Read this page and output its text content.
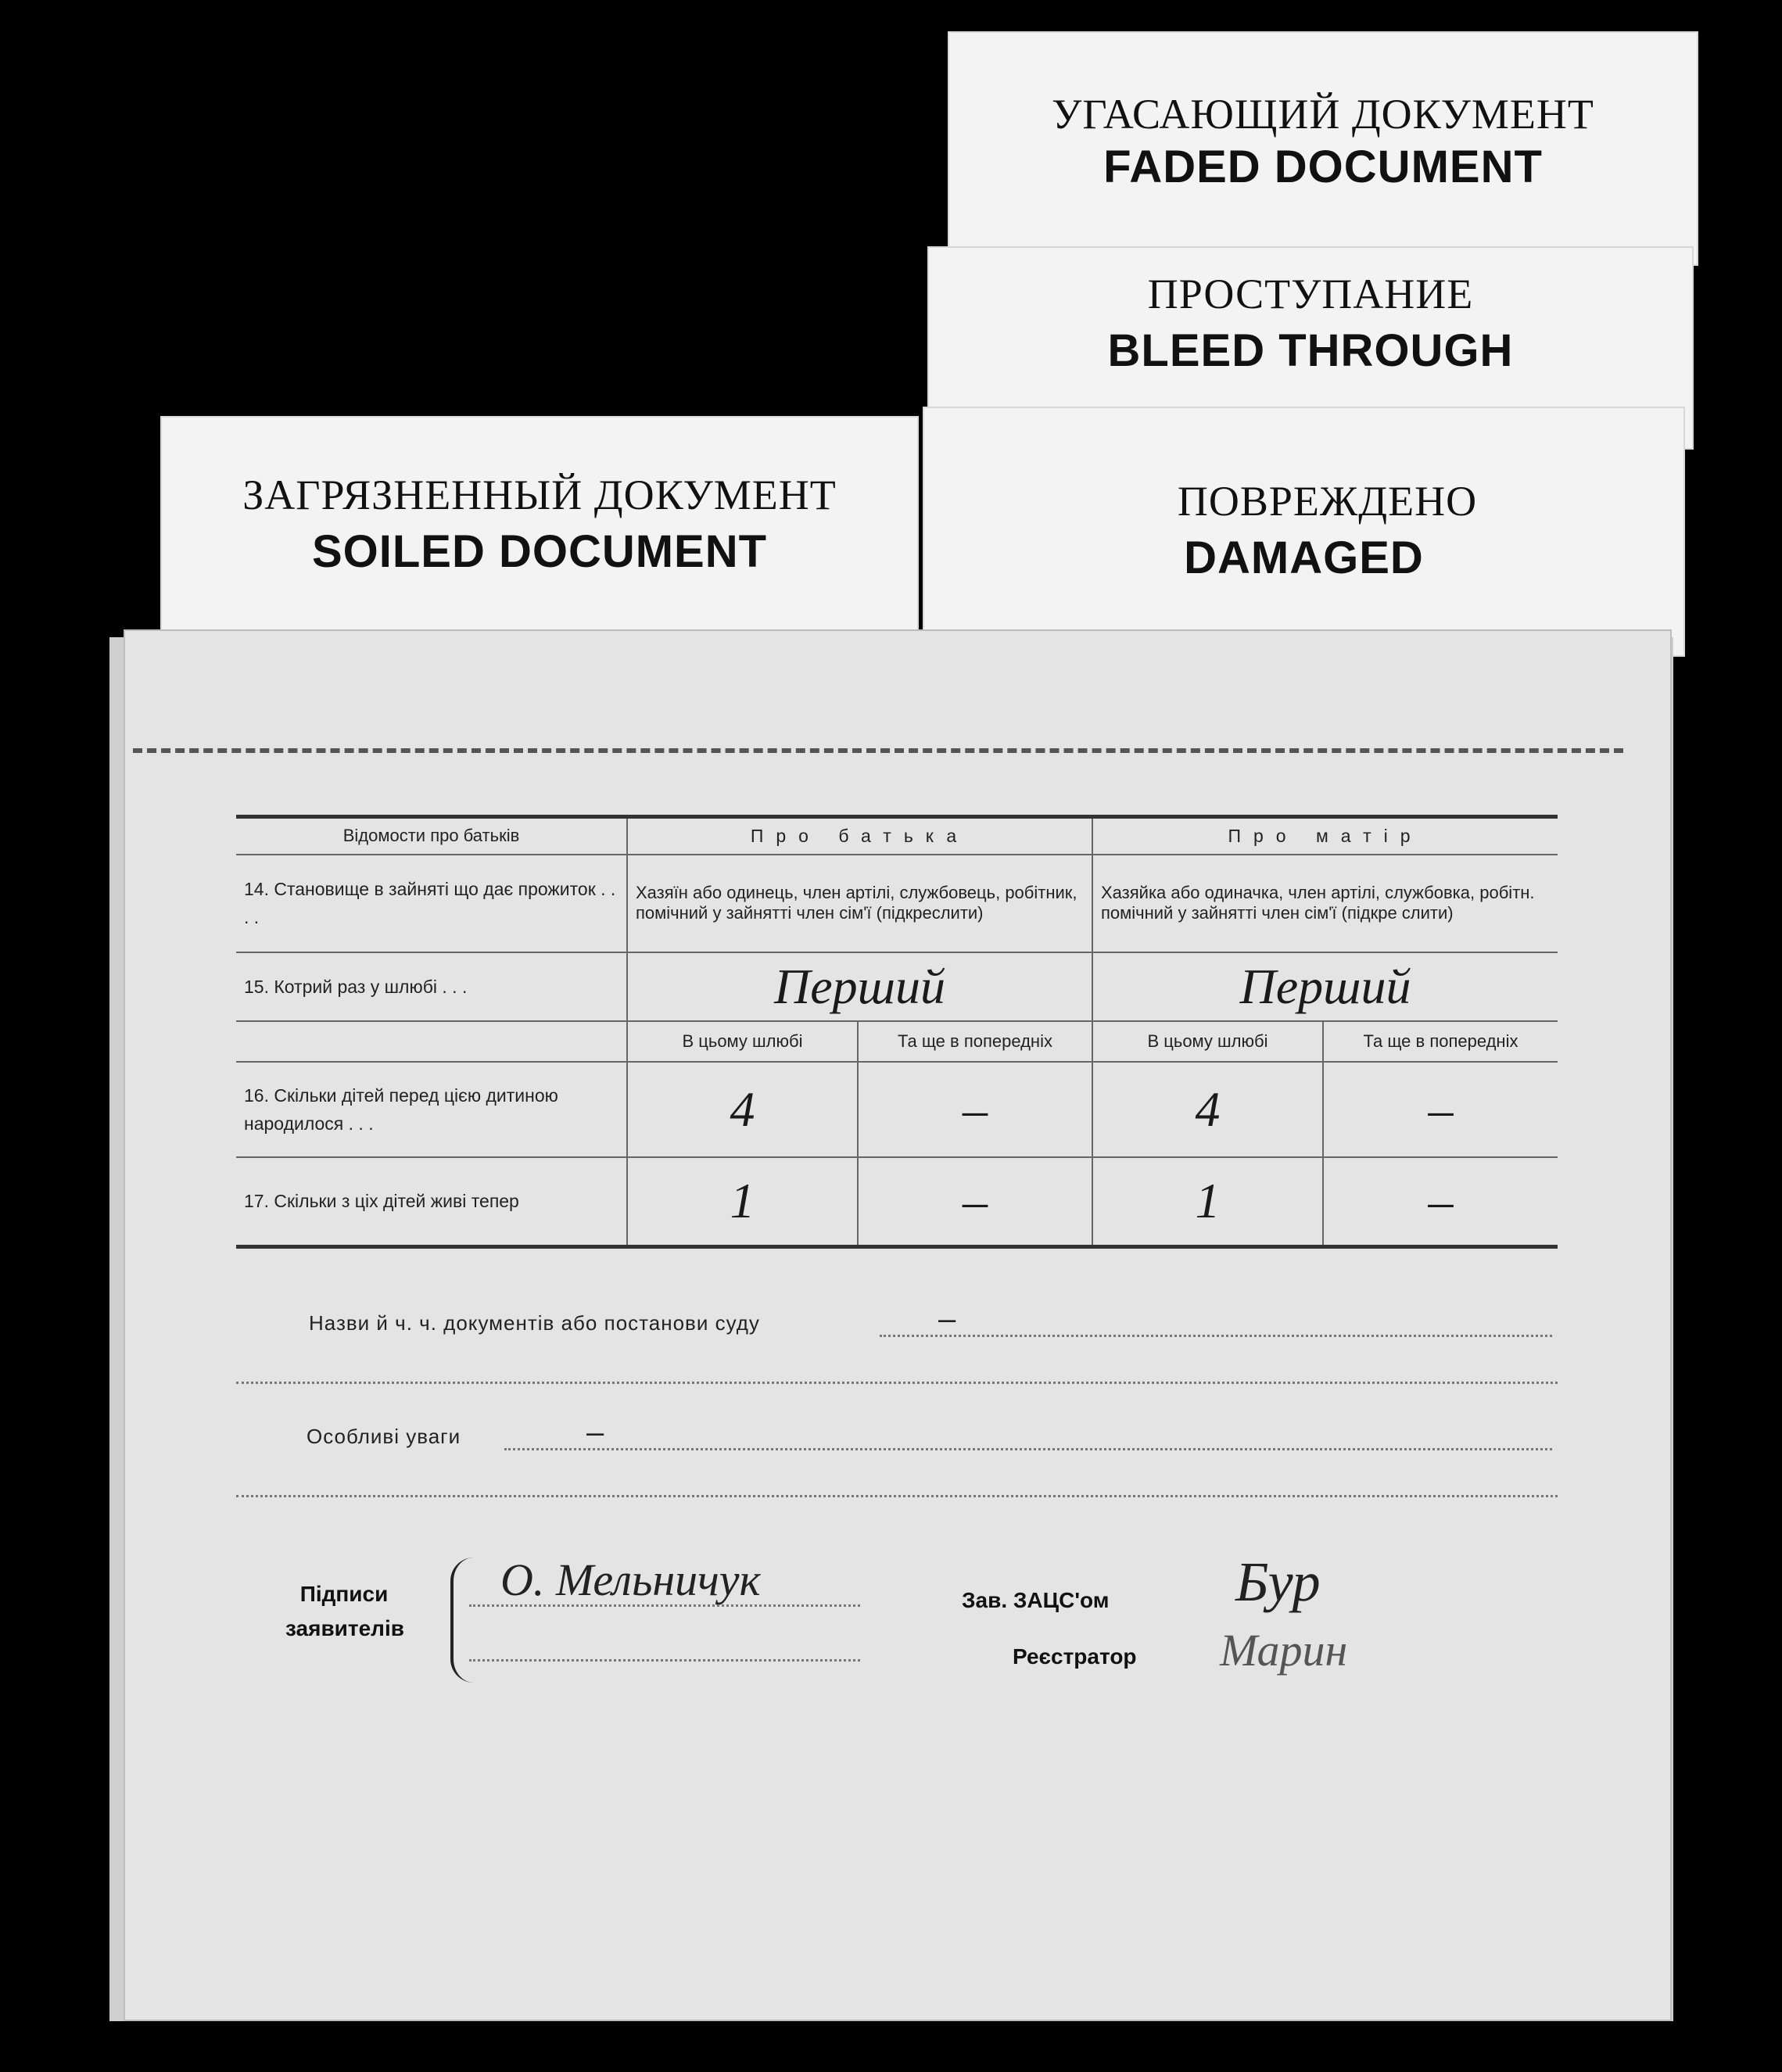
УГАСАЮЩИЙ ДОКУМЕНТ
FADED DOCUMENT
ПРОСТУПАНИЕ
BLEED THROUGH
ПОВРЕЖДЕНО
DAMAGED
ЗАГРЯЗНЕННЫЙ ДОКУМЕНТ
SOILED DOCUMENT
Відомости про батьків	Про батька		Про матір	
14. Становище в зайняті що дає прожиток . . . .	Хазяїн або одинець, член артілі, службовець, робітник, помічний у зайнятті член сім'ї (підкреслити)		Хазяйка або одиначка, член артілі, службовка, робітн. помічний у зайнятті член сім'ї (підкре слити)	
15. Котрий раз у шлюбі . . .	Перший		Перший	
	В цьому шлюбі	Та ще в попередніх	В цьому шлюбі	Та ще в попередніх
16. Скільки дітей перед цією дитиною народилося . . .	4	–	4	–
17. Скільки з ціх дітей живі тепер	1	–	1	–
Назви й ч. ч. документів або постанови суду	–
Особливі уваги	–
Підписи заявителів
О. Мельничук	Зав. ЗАЦС'ом Бур
Реєстратор Марин
